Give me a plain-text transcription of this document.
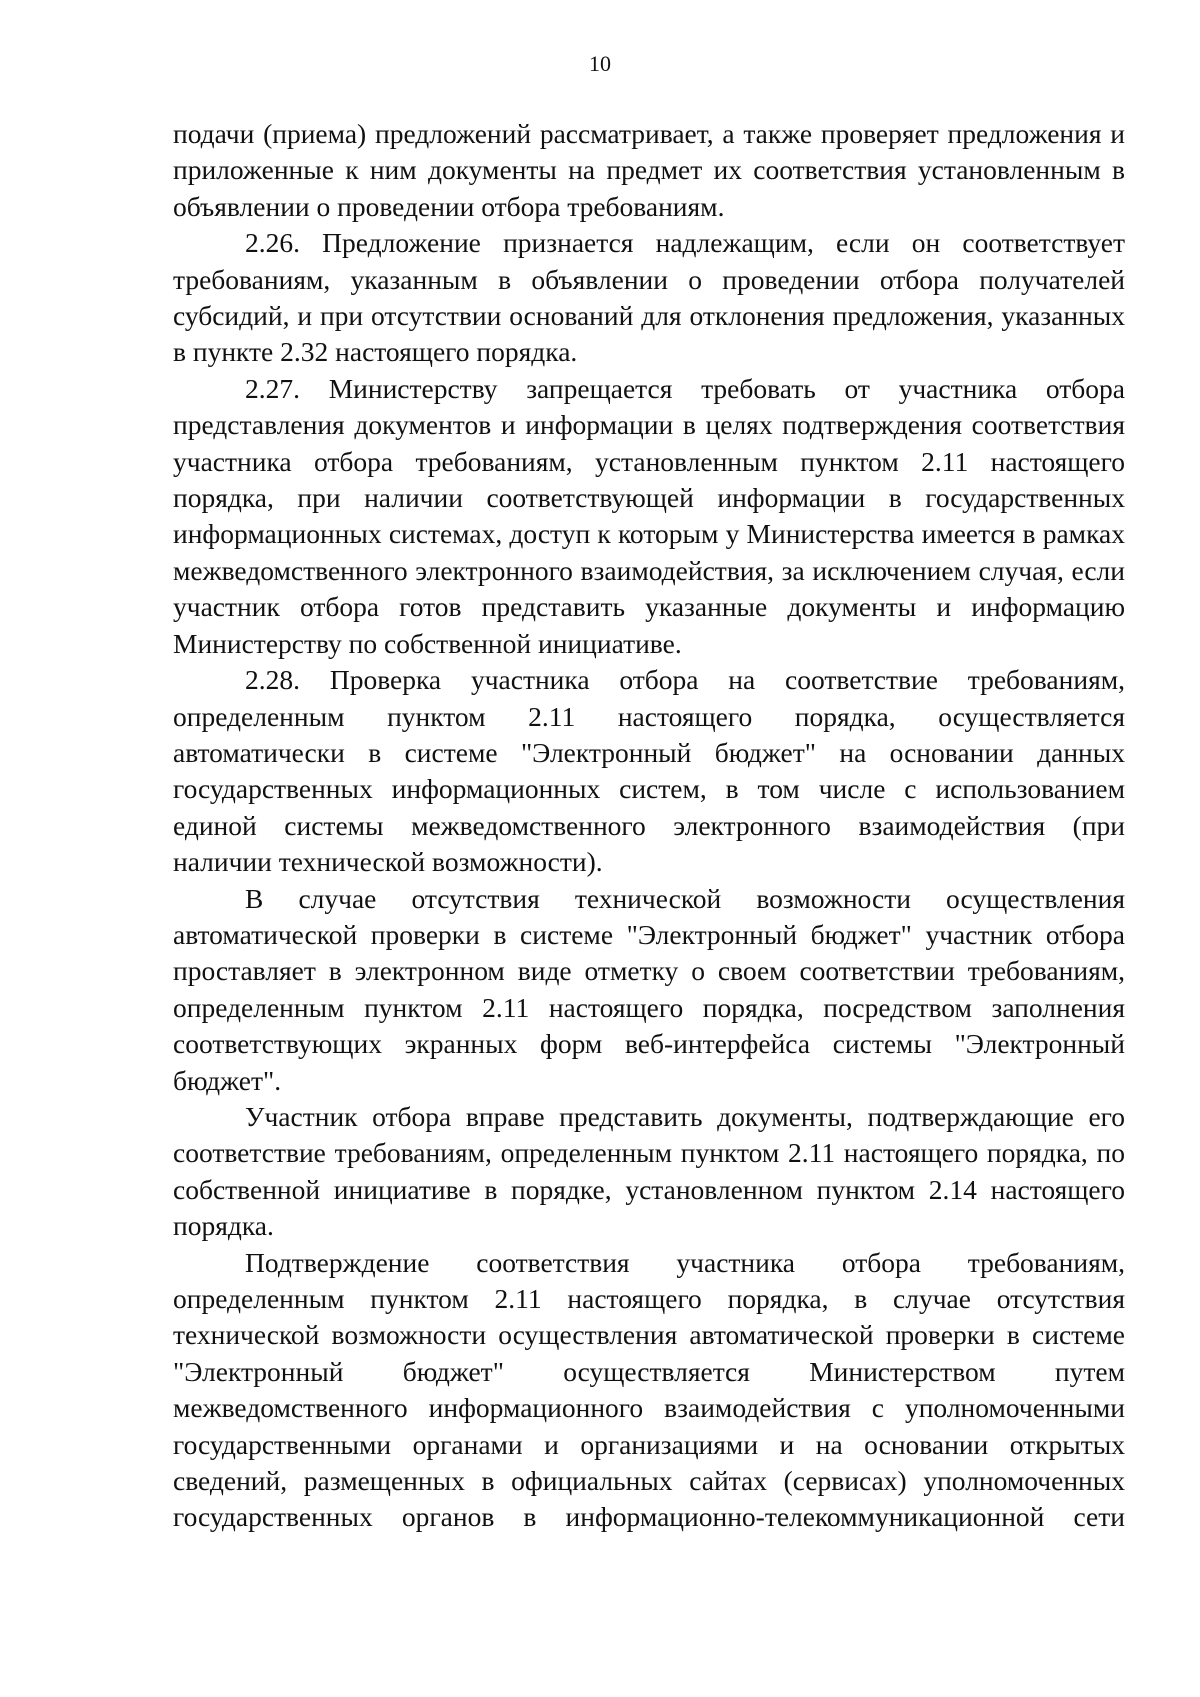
10

подачи (приема) предложений рассматривает, а также проверяет предложения и приложенные к ним документы на предмет их соответствия установленным в объявлении о проведении отбора требованиям.

2.26. Предложение признается надлежащим, если он соответствует требованиям, указанным в объявлении о проведении отбора получателей субсидий, и при отсутствии оснований для отклонения предложения, указанных в пункте 2.32 настоящего порядка.

2.27. Министерству запрещается требовать от участника отбора представления документов и информации в целях подтверждения соответствия участника отбора требованиям, установленным пунктом 2.11 настоящего порядка, при наличии соответствующей информации в государственных информационных системах, доступ к которым у Министерства имеется в рамках межведомственного электронного взаимодействия, за исключением случая, если участник отбора готов представить указанные документы и информацию Министерству по собственной инициативе.

2.28. Проверка участника отбора на соответствие требованиям, определенным пунктом 2.11 настоящего порядка, осуществляется автоматически в системе "Электронный бюджет" на основании данных государственных информационных систем, в том числе с использованием единой системы межведомственного электронного взаимодействия (при наличии технической возможности).

В случае отсутствия технической возможности осуществления автоматической проверки в системе "Электронный бюджет" участник отбора проставляет в электронном виде отметку о своем соответствии требованиям, определенным пунктом 2.11 настоящего порядка, посредством заполнения соответствующих экранных форм веб-интерфейса системы "Электронный бюджет".

Участник отбора вправе представить документы, подтверждающие его соответствие требованиям, определенным пунктом 2.11 настоящего порядка, по собственной инициативе в порядке, установленном пунктом 2.14 настоящего порядка.

Подтверждение соответствия участника отбора требованиям, определенным пунктом 2.11 настоящего порядка, в случае отсутствия технической возможности осуществления автоматической проверки в системе "Электронный бюджет" осуществляется Министерством путем межведомственного информационного взаимодействия с уполномоченными государственными органами и организациями и на основании открытых сведений, размещенных в официальных сайтах (сервисах) уполномоченных государственных органов в информационно-телекоммуникационной сети
